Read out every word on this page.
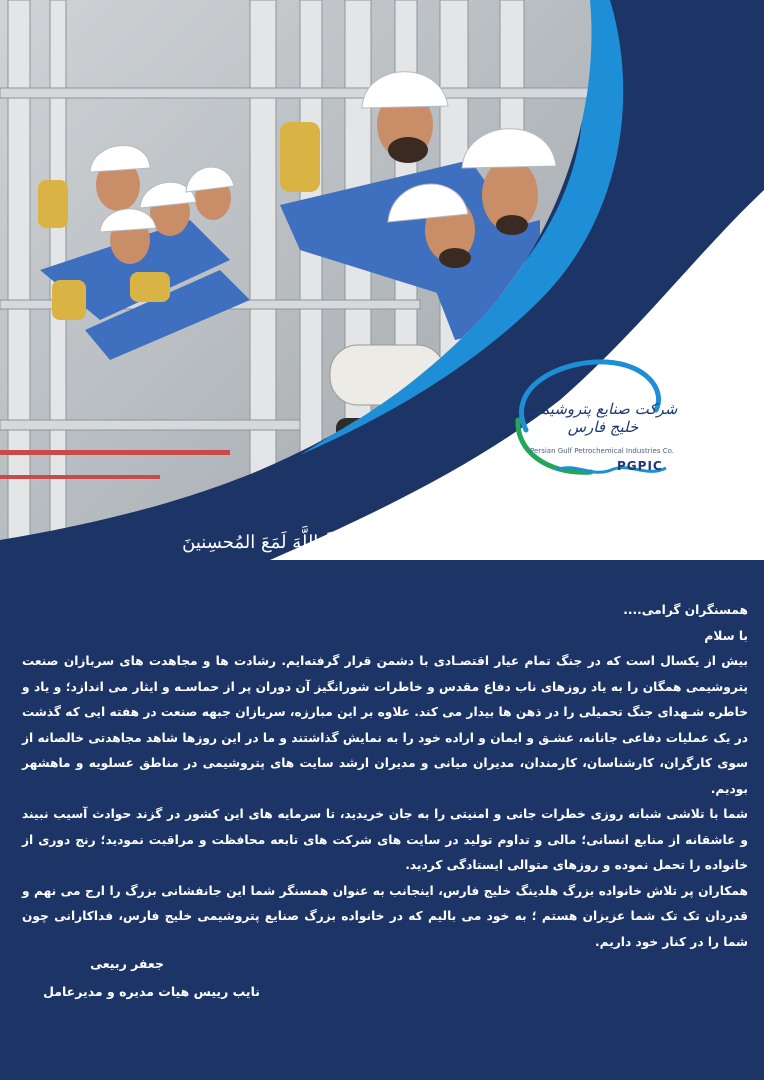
شرکت صنایع پتروشیمی خلیج فارس
Persian Gulf Petrochemical Industries Co.
PGPIC
وَالَّذینَ جاهَدوا فینا لَنَهدِیَنَّهُم سُبُلَنا وَإِنَّ اللَّهَ لَمَعَ المُحسِنینَ

همسنگران گرامی....

با سلام

بیش از یکسال است که در جنگ تمام عیار اقتصـادی با دشمن قرار گرفته‌ایم. رشادت ها و مجاهدت های سربازان صنعت پتروشیمی همگان را به یاد روزهای ناب دفاع مقدس و خاطرات شورانگیز آن دوران پر از حماسـه و ایثار می اندازد؛ و یاد و خاطره شـهدای جنگ تحمیلی را در ذهن ها بیدار می کند. علاوه بر این مبارزه، سربازان جبهه صنعت در هفته ایی که گذشت در یک عملیات دفاعی جانانه، عشـق و ایمان و اراده خود را به نمایش گذاشتند و ما در این روزها شاهد مجاهدتی خالصانه از سوی کارگران، کارشناسان، کارمندان، مدیران میانی و مدیران ارشد سایت های پتروشیمی در مناطق عسلویه و ماهشهر بودیم.

شما با تلاشی شبانه روزی خطرات جانی و امنیتی را به جان خریدید، تا سرمایه های این کشور در گزند حوادث آسیب نبیند و عاشقانه از منابع انسانی؛ مالی و تداوم تولید در سایت های شرکت های تابعه محافظت و مراقبت نمودید؛ رنج دوری از خانواده را تحمل نموده و روزهای متوالی ایستادگی کردید.

همکاران پر تلاش خانواده بزرگ هلدینگ خلیج فارس، اینجانب به عنوان همسنگر شما این جانفشانی بزرگ را ارج می نهم و قدردان تک تک شما عزیزان هستم ؛ به خود می بالیم که در خانواده بزرگ صنایع پتروشیمی خلیج فارس، فداکارانی چون شما را در کنار خود داریم.

جعفر ربیعی
نایب رییس هیات مدیره و مدیرعامل
